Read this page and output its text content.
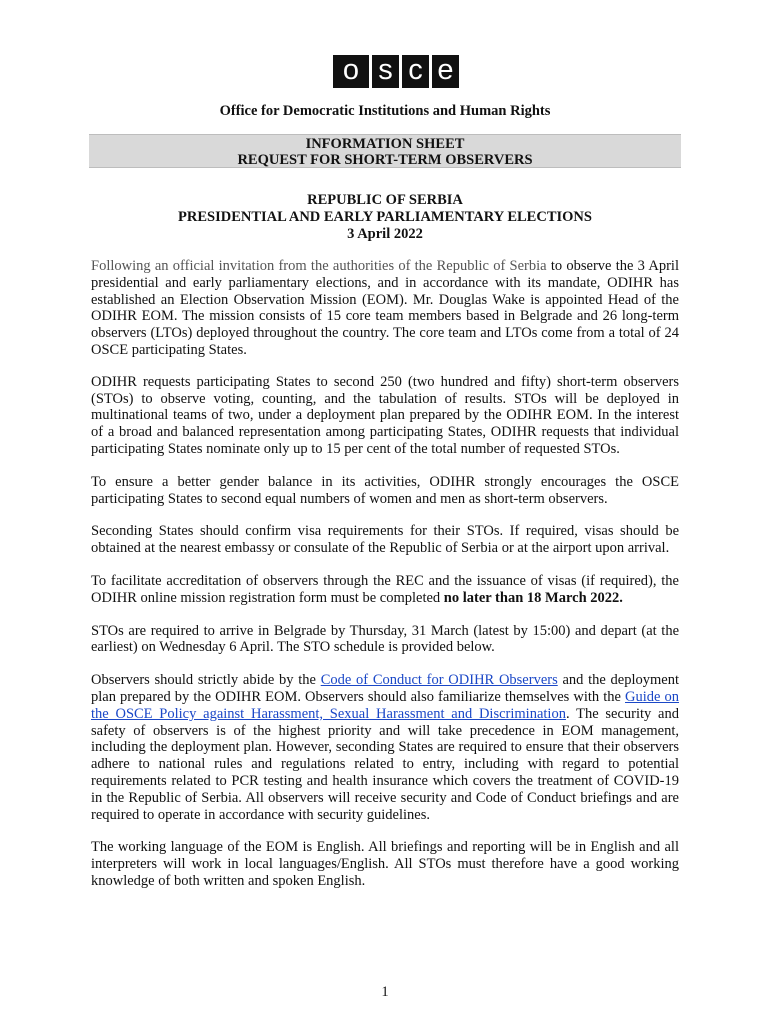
o s c e
Office for Democratic Institutions and Human Rights
INFORMATION SHEET
REQUEST FOR SHORT-TERM OBSERVERS
REPUBLIC OF SERBIA
PRESIDENTIAL AND EARLY PARLIAMENTARY ELECTIONS
3 April 2022

Following an official invitation from the authorities of the Republic of Serbia to observe the 3 April presidential and early parliamentary elections, and in accordance with its mandate, ODIHR has established an Election Observation Mission (EOM). Mr. Douglas Wake is appointed Head of the ODIHR EOM. The mission consists of 15 core team members based in Belgrade and 26 long-term observers (LTOs) deployed throughout the country. The core team and LTOs come from a total of 24 OSCE participating States.

ODIHR requests participating States to second 250 (two hundred and fifty) short-term observers (STOs) to observe voting, counting, and the tabulation of results. STOs will be deployed in multinational teams of two, under a deployment plan prepared by the ODIHR EOM. In the interest of a broad and balanced representation among participating States, ODIHR requests that individual participating States nominate only up to 15 per cent of the total number of requested STOs.

To ensure a better gender balance in its activities, ODIHR strongly encourages the OSCE participating States to second equal numbers of women and men as short-term observers.

Seconding States should confirm visa requirements for their STOs. If required, visas should be obtained at the nearest embassy or consulate of the Republic of Serbia or at the airport upon arrival.

To facilitate accreditation of observers through the REC and the issuance of visas (if required), the ODIHR online mission registration form must be completed no later than 18 March 2022.

STOs are required to arrive in Belgrade by Thursday, 31 March (latest by 15:00) and depart (at the earliest) on Wednesday 6 April. The STO schedule is provided below.

Observers should strictly abide by the Code of Conduct for ODIHR Observers and the deployment plan prepared by the ODIHR EOM. Observers should also familiarize themselves with the Guide on the OSCE Policy against Harassment, Sexual Harassment and Discrimination. The security and safety of observers is of the highest priority and will take precedence in EOM management, including the deployment plan. However, seconding States are required to ensure that their observers adhere to national rules and regulations related to entry, including with regard to potential requirements related to PCR testing and health insurance which covers the treatment of COVID-19 in the Republic of Serbia. All observers will receive security and Code of Conduct briefings and are required to operate in accordance with security guidelines.

The working language of the EOM is English. All briefings and reporting will be in English and all interpreters will work in local languages/English. All STOs must therefore have a good working knowledge of both written and spoken English.

1
